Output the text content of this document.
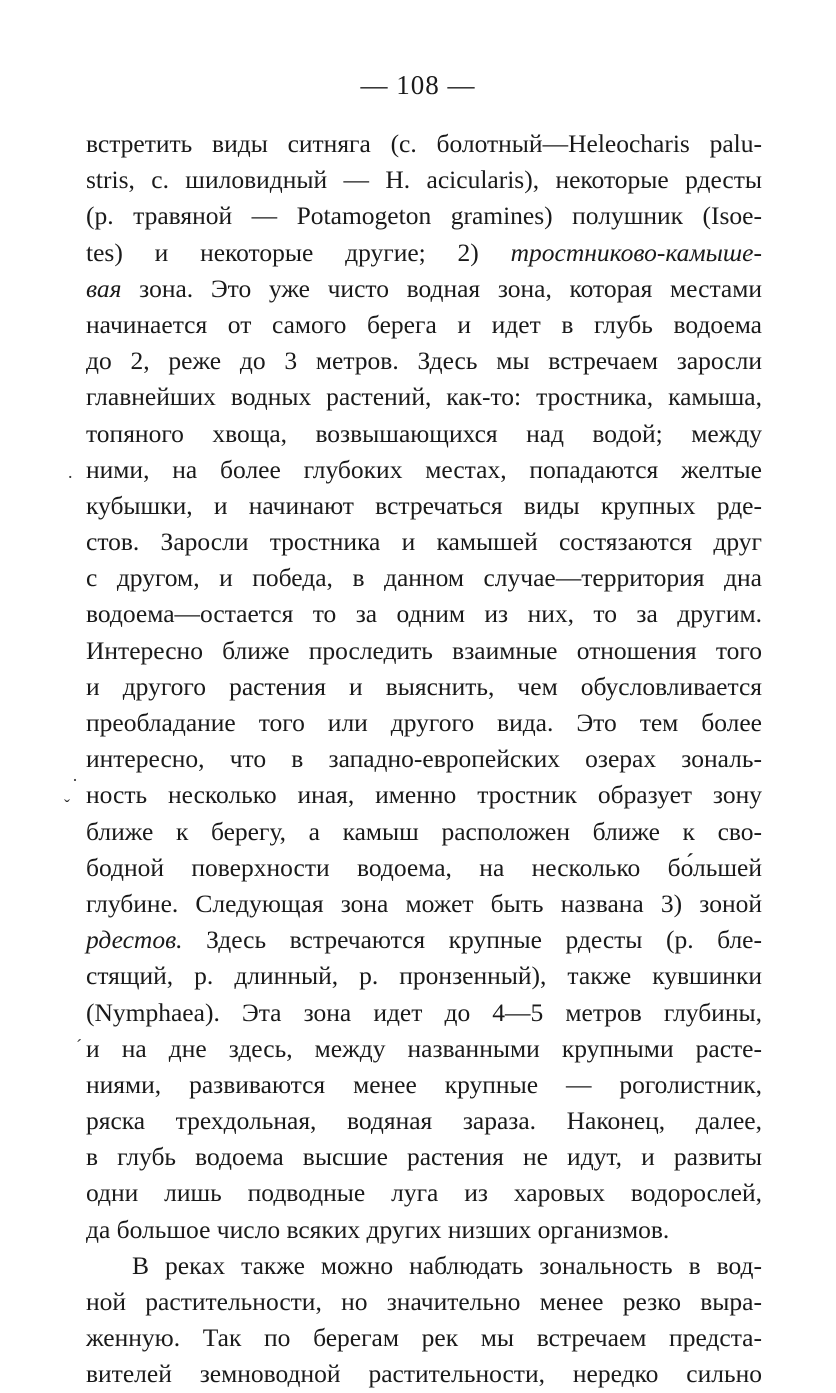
— 108 —
встретить виды ситняга (с. болотный—Heleocharis palu-
stris, с. шиловидный — H. acicularis), некоторые рдесты
(р. травяной — Potamogeton gramines) полушник (Isoe-
tes) и некоторые другие; 2) тростниково-камыше-
вая зона. Это уже чисто водная зона, которая местами
начинается от самого берега и идет в глубь водоема
до 2, реже до 3 метров. Здесь мы встречаем заросли
главнейших водных растений, как-то: тростника, камыша,
топяного хвоща, возвышающихся над водой; между
ними, на более глубоких местах, попадаются желтые
кубышки, и начинают встречаться виды крупных рде-
стов. Заросли тростника и камышей состязаются друг
с другом, и победа, в данном случае—территория дна
водоема—остается то за одним из них, то за другим.
Интересно ближе проследить взаимные отношения того
и другого растения и выяснить, чем обусловливается
преобладание того или другого вида. Это тем более
интересно, что в западно-европейских озерах зональ-
ность несколько иная, именно тростник образует зону
ближе к берегу, а камыш расположен ближе к сво-
бодной поверхности водоема, на несколько бо́льшей
глубине. Следующая зона может быть названа 3) зоной
рдестов. Здесь встречаются крупные рдесты (р. бле-
стящий, р. длинный, р. пронзенный), также кувшинки
(Nymphaea). Эта зона идет до 4—5 метров глубины,
и на дне здесь, между названными крупными расте-
ниями, развиваются менее крупные — роголистник,
ряска трехдольная, водяная зараза. Наконец, далее,
в глубь водоема высшие растения не идут, и развиты
одни лишь подводные луга из харовых водорослей,
да большое число всяких других низших организмов.
В реках также можно наблюдать зональность в вод-
ной растительности, но значительно менее резко выра-
женную. Так по берегам рек мы встречаем предста-
вителей земноводной растительности, нередко сильно
.
·
ˇ
ˊ
